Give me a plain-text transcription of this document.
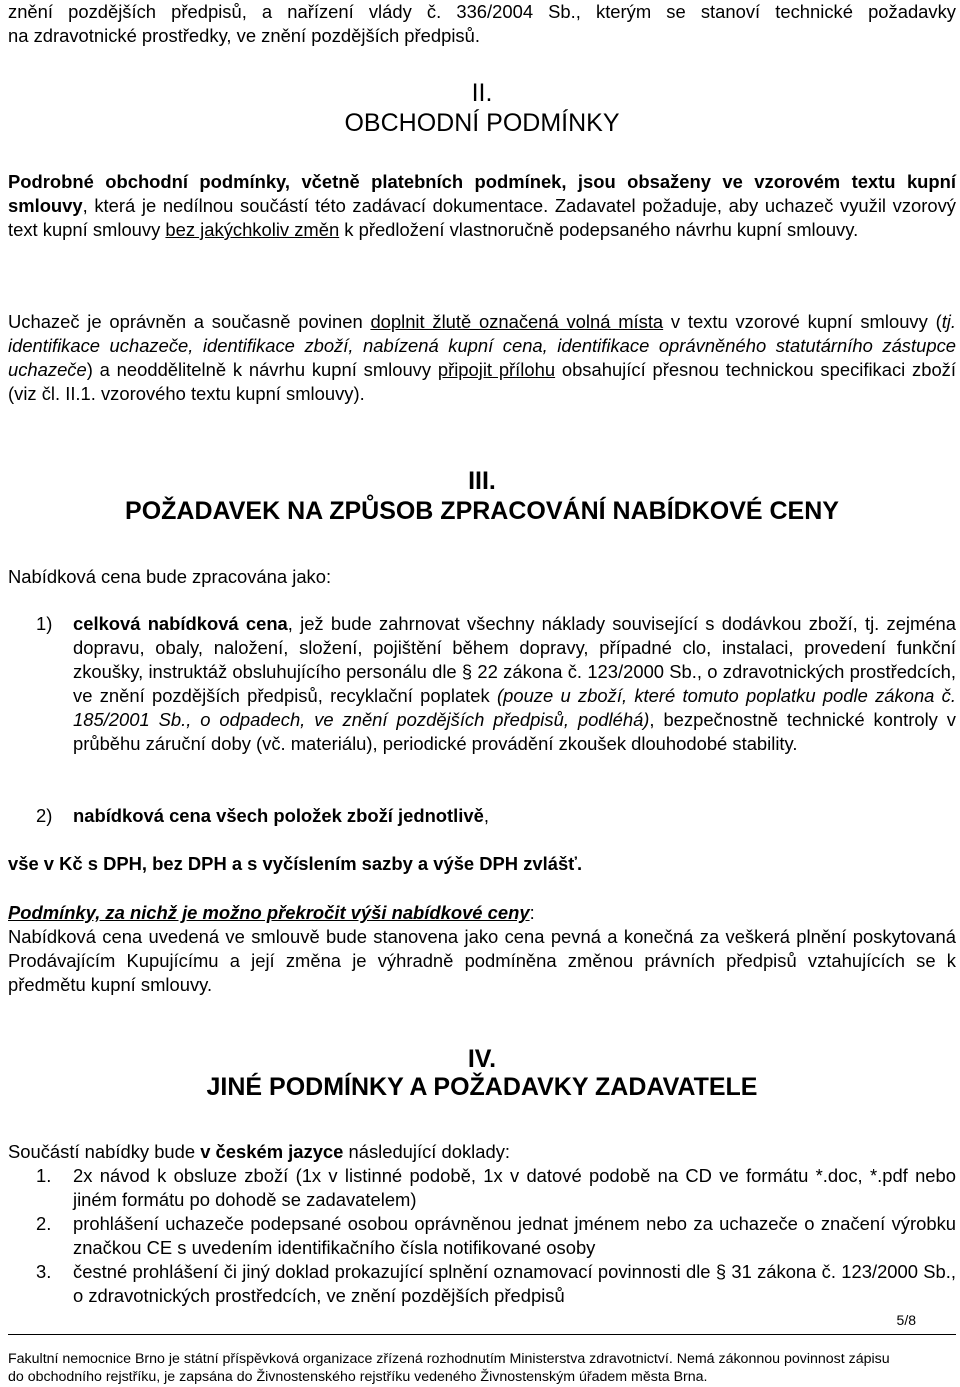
znění pozdějších předpisů, a nařízení vlády č. 336/2004 Sb., kterým se stanoví technické požadavky
na zdravotnické prostředky, ve znění pozdějších předpisů.

II.
OBCHODNÍ PODMÍNKY

Podrobné obchodní podmínky, včetně platebních podmínek, jsou obsaženy ve vzorovém textu kupní smlouvy, která je nedílnou součástí této zadávací dokumentace. Zadavatel požaduje, aby uchazeč využil vzorový text kupní smlouvy bez jakýchkoliv změn k předložení vlastnoručně podepsaného návrhu kupní smlouvy.

Uchazeč je oprávněn a současně povinen doplnit žlutě označená volná místa v textu vzorové kupní smlouvy (tj. identifikace uchazeče, identifikace zboží, nabízená kupní cena, identifikace oprávněného statutárního zástupce uchazeče) a neoddělitelně k návrhu kupní smlouvy připojit přílohu obsahující přesnou technickou specifikaci zboží (viz čl. II.1. vzorového textu kupní smlouvy).

III.
POŽADAVEK NA ZPŮSOB ZPRACOVÁNÍ NABÍDKOVÉ CENY

Nabídková cena bude zpracována jako:

1) celková nabídková cena, jež bude zahrnovat všechny náklady související s dodávkou zboží, tj. zejména dopravu, obaly, naložení, složení, pojištění během dopravy, případné clo, instalaci, provedení funkční zkoušky, instruktáž obsluhujícího personálu dle § 22 zákona č. 123/2000 Sb., o zdravotnických prostředcích, ve znění pozdějších předpisů, recyklační poplatek (pouze u zboží, které tomuto poplatku podle zákona č. 185/2001 Sb., o odpadech, ve znění pozdějších předpisů, podléhá), bezpečnostně technické kontroly v průběhu záruční doby (vč. materiálu), periodické provádění zkoušek dlouhodobé stability.
2) nabídková cena všech položek zboží jednotlivě,

vše v Kč s DPH, bez DPH a s vyčíslením sazby a výše DPH zvlášť.

Podmínky, za nichž je možno překročit výši nabídkové ceny:
Nabídková cena uvedená ve smlouvě bude stanovena jako cena pevná a konečná za veškerá plnění poskytovaná Prodávajícím Kupujícímu a její změna je výhradně podmíněna změnou právních předpisů vztahujících se k předmětu kupní smlouvy.

IV.
JINÉ PODMÍNKY A POŽADAVKY ZADAVATELE

Součástí nabídky bude v českém jazyce následující doklady:

1. 2x návod k obsluze zboží (1x v listinné podobě, 1x v datové podobě na CD ve formátu *.doc, *.pdf nebo jiném formátu po dohodě se zadavatelem)
2. prohlášení uchazeče podepsané osobou oprávněnou jednat jménem nebo za uchazeče o značení výrobku značkou CE s uvedením identifikačního čísla notifikované osoby
3. čestné prohlášení či jiný doklad prokazující splnění oznamovací povinnosti dle § 31 zákona č. 123/2000 Sb., o zdravotnických prostředcích, ve znění pozdějších předpisů
5/8
Fakultní nemocnice Brno je státní příspěvková organizace zřízená rozhodnutím Ministerstva zdravotnictví. Nemá zákonnou povinnost zápisu
do obchodního rejstříku, je zapsána do Živnostenského rejstříku vedeného Živnostenským úřadem města Brna.
